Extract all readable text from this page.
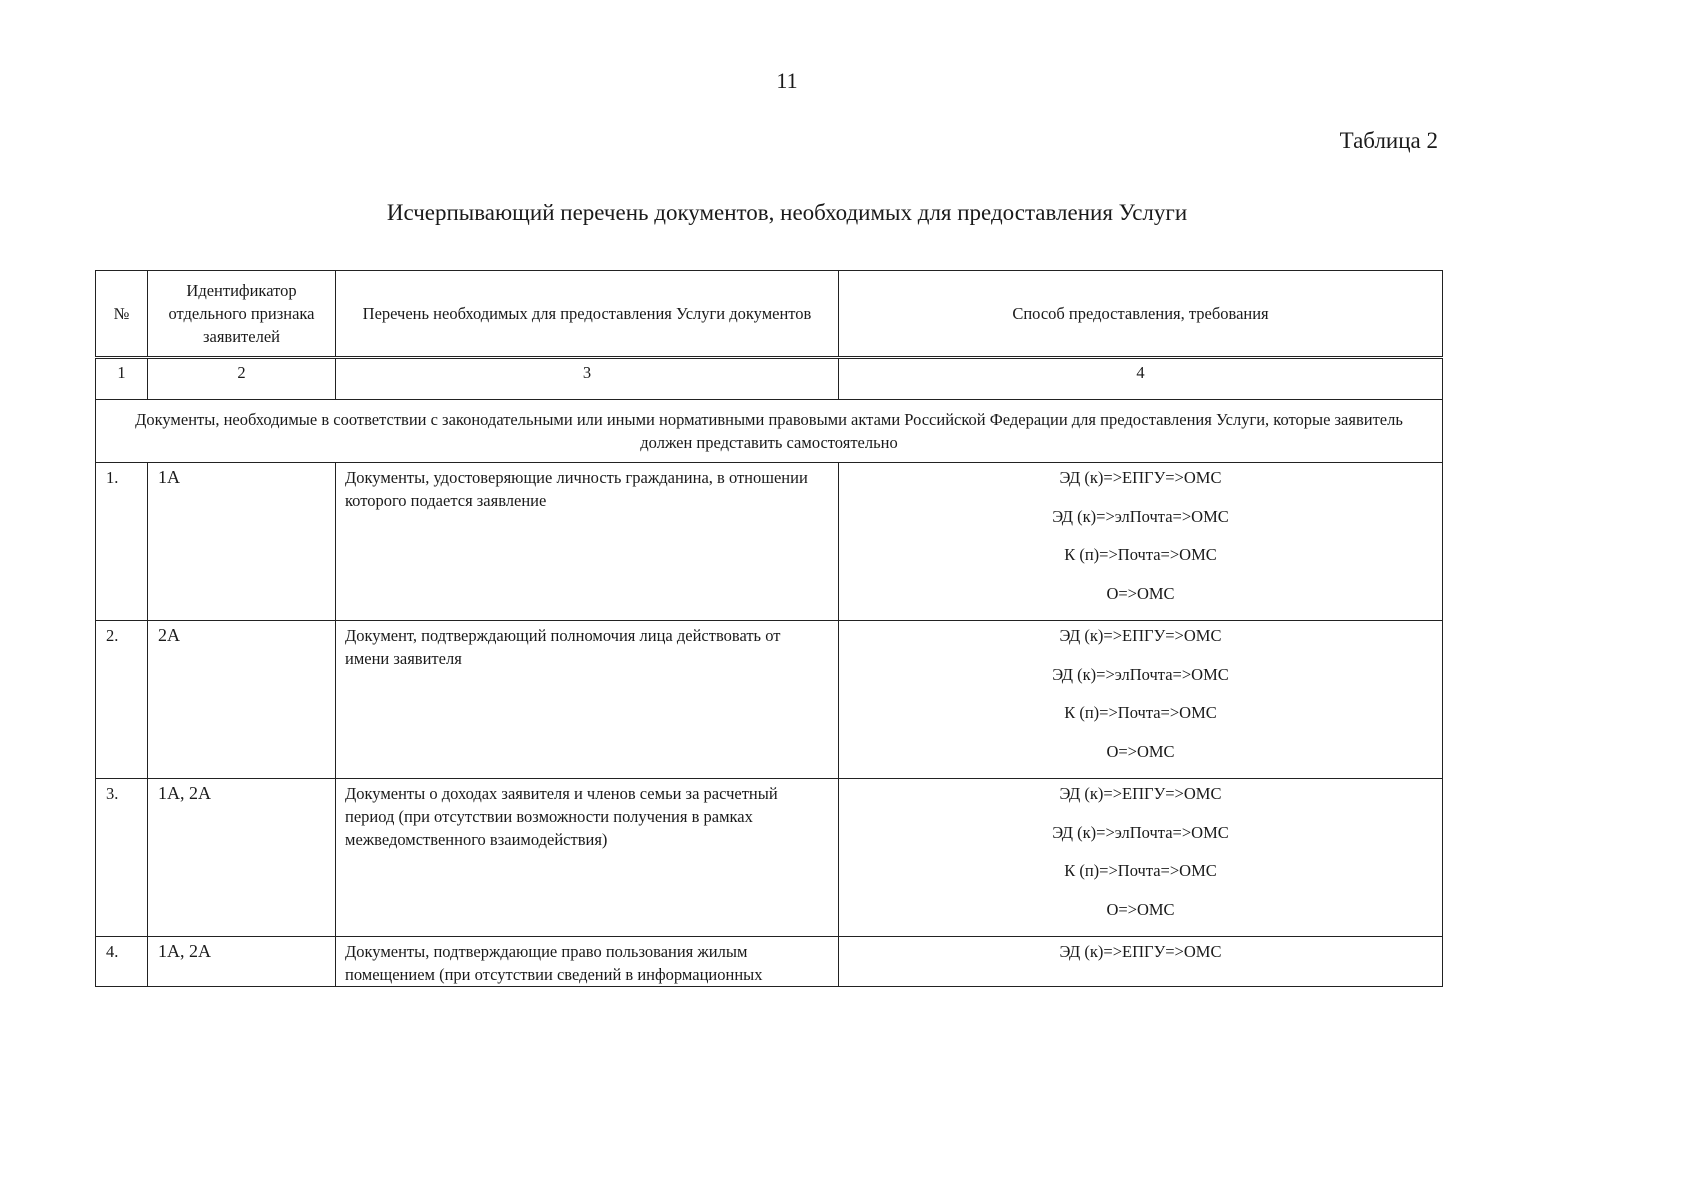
11
Таблица 2
Исчерпывающий перечень документов, необходимых для предоставления Услуги
№	Идентификатор отдельного признака заявителей	Перечень необходимых для предоставления Услуги документов	Способ предоставления, требования
1	2	3	4
Документы, необходимые в соответствии с законодательными или иными нормативными правовыми актами Российской Федерации для предоставления Услуги, которые заявитель должен представить самостоятельно			
1.	1А	Документы, удостоверяющие личность гражданина, в отношении которого подается заявление	ЭД (к)=>ЕПГУ=>ОМС
ЭД (к)=>элПочта=>ОМС
К (п)=>Почта=>ОМС
О=>ОМС

2.	2А	Документ, подтверждающий полномочия лица действовать от имени заявителя	ЭД (к)=>ЕПГУ=>ОМС
ЭД (к)=>элПочта=>ОМС
К (п)=>Почта=>ОМС
О=>ОМС

3.	1А, 2А	Документы о доходах заявителя и членов семьи за расчетный период (при отсутствии возможности получения в рамках межведомственного взаимодействия)	ЭД (к)=>ЕПГУ=>ОМС
ЭД (к)=>элПочта=>ОМС
К (п)=>Почта=>ОМС
О=>ОМС

4.	1А, 2А	Документы, подтверждающие право пользования жилым помещением (при отсутствии сведений в информационных	ЭД (к)=>ЕПГУ=>ОМС
